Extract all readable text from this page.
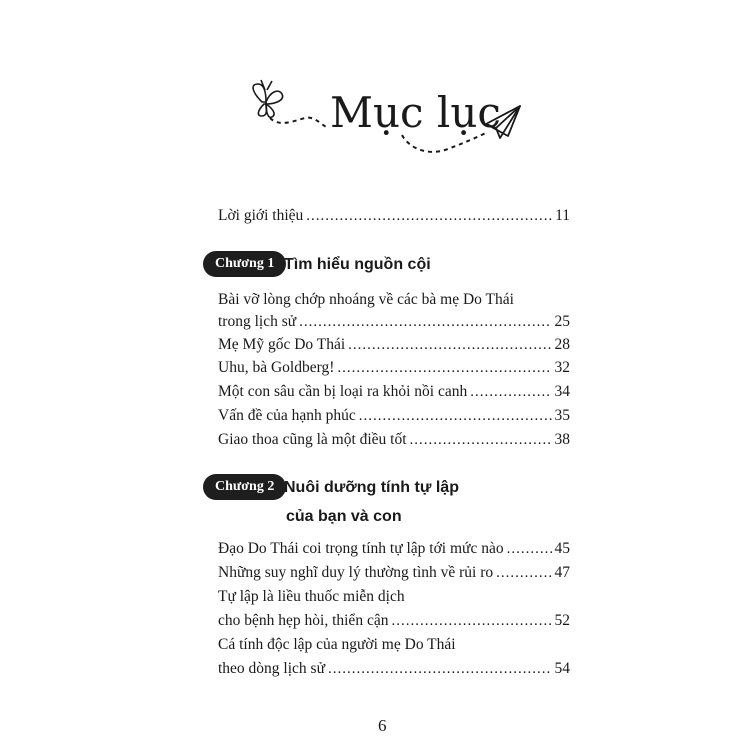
Mục lục
Lời giới thiệu .....	11
Chương 1 Tìm hiểu nguồn cội
Bài vỡ lòng chớp nhoáng về các bà mẹ Do Thái
trong lịch sử .....	25
Mẹ Mỹ gốc Do Thái .....	28
Uhu, bà Goldberg! .....	32
Một con sâu cần bị loại ra khỏi nồi canh .....	34
Vấn đề của hạnh phúc .....	35
Giao thoa cũng là một điều tốt .....	38
Chương 2 Nuôi dưỡng tính tự lập
của bạn và con
Đạo Do Thái coi trọng tính tự lập tới mức nào .....	45
Những suy nghĩ duy lý thường tình về rủi ro .....	47
Tự lập là liều thuốc miễn dịch
cho bệnh hẹp hòi, thiển cận .....	52
Cá tính độc lập của người mẹ Do Thái
theo dòng lịch sử .....	54
6
